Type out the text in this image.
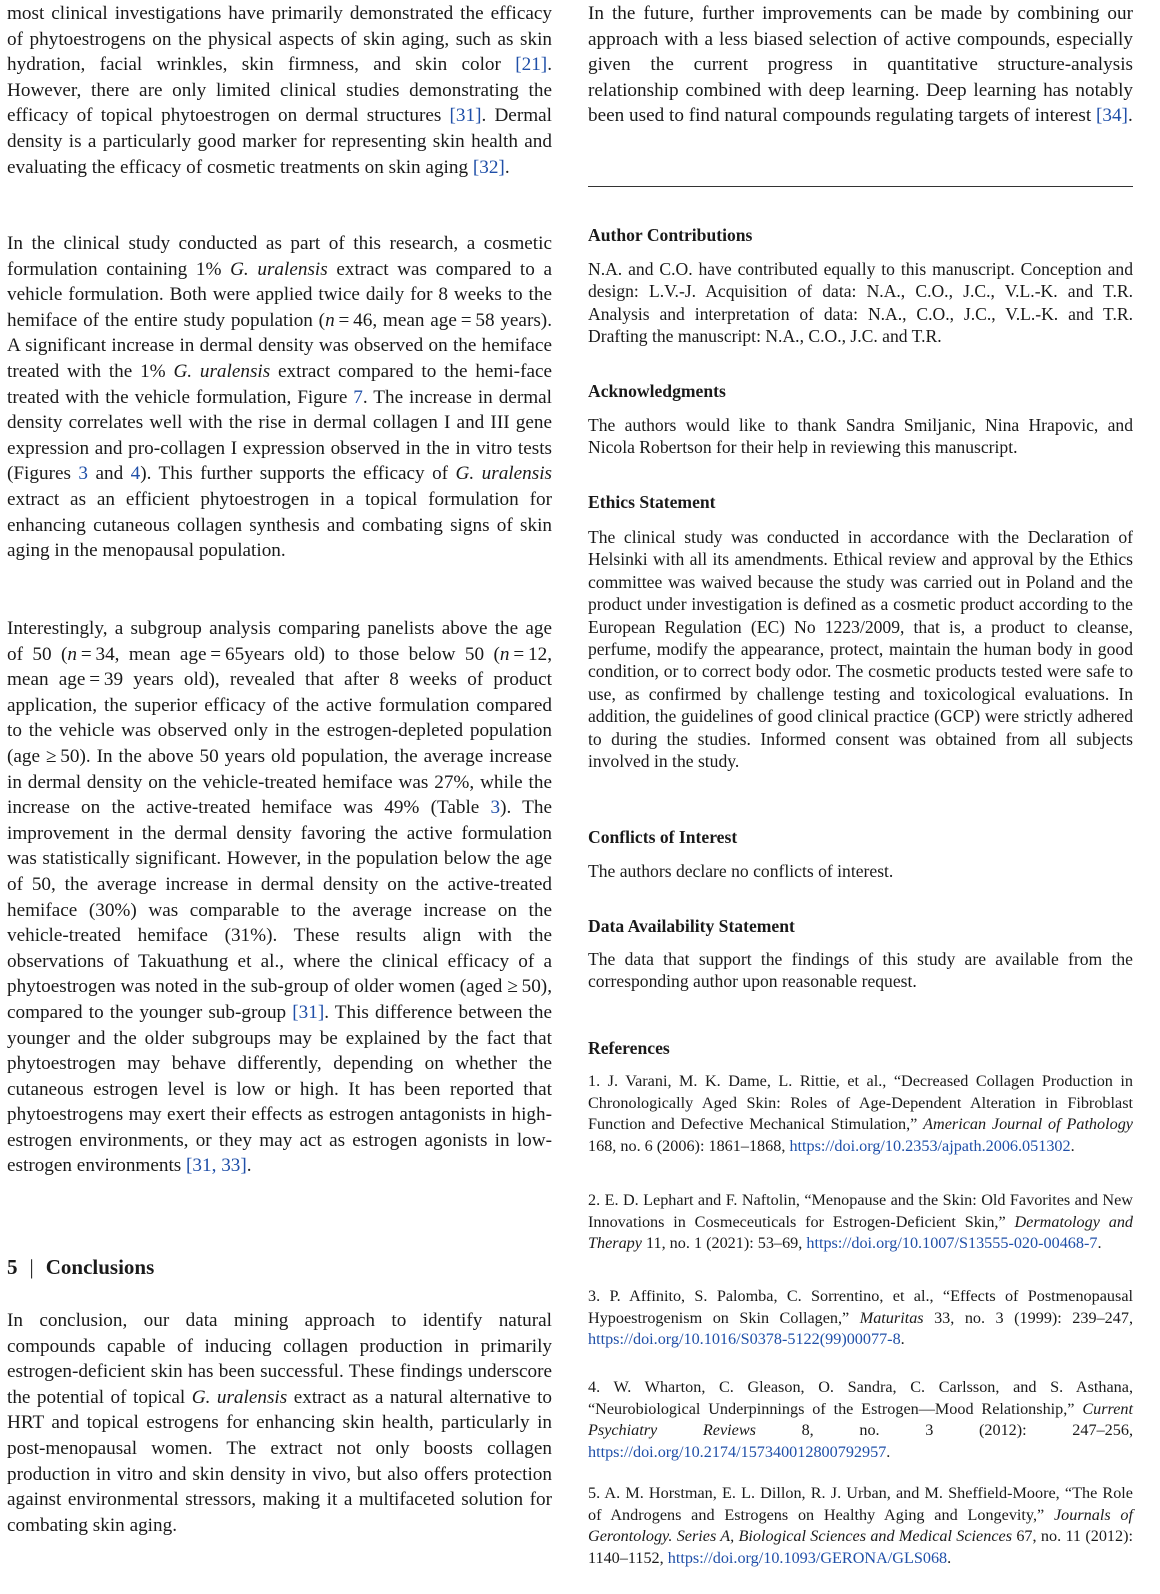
most clinical investigations have primarily demonstrated the efficacy of phytoestrogens on the physical aspects of skin aging, such as skin hydration, facial wrinkles, skin firmness, and skin color [21]. However, there are only limited clinical studies demonstrating the efficacy of topical phytoestrogen on dermal structures [31]. Dermal density is a particularly good marker for representing skin health and evaluating the efficacy of cosmetic treatments on skin aging [32].

In the clinical study conducted as part of this research, a cosmetic formulation containing 1% G. uralensis extract was compared to a vehicle formulation. Both were applied twice daily for 8 weeks to the hemiface of the entire study population (n = 46, mean age = 58 years). A significant increase in dermal density was observed on the hemiface treated with the 1% G. uralensis extract compared to the hemi-face treated with the vehicle formulation, Figure 7. The increase in dermal density correlates well with the rise in dermal collagen I and III gene expression and pro-collagen I expression observed in the in vitro tests (Figures 3 and 4). This further supports the efficacy of G. uralensis extract as an efficient phytoestrogen in a topical formulation for enhancing cutaneous collagen synthesis and combating signs of skin aging in the menopausal population.

Interestingly, a subgroup analysis comparing panelists above the age of 50 (n = 34, mean age = 65years old) to those below 50 (n = 12, mean age = 39 years old), revealed that after 8 weeks of product application, the superior efficacy of the active formulation compared to the vehicle was observed only in the estrogen-depleted population (age ≥ 50). In the above 50 years old population, the average increase in dermal density on the vehicle-treated hemiface was 27%, while the increase on the active-treated hemiface was 49% (Table 3). The improvement in the dermal density favoring the active formulation was statistically significant. However, in the population below the age of 50, the average increase in dermal density on the active-treated hemiface (30%) was comparable to the average increase on the vehicle-treated hemiface (31%). These results align with the observations of Takuathung et al., where the clinical efficacy of a phytoestrogen was noted in the sub-group of older women (aged ≥ 50), compared to the younger sub-group [31]. This difference between the younger and the older subgroups may be explained by the fact that phytoestrogen may behave differently, depending on whether the cutaneous estrogen level is low or high. It has been reported that phytoestrogens may exert their effects as estrogen antagonists in high-estrogen environments, or they may act as estrogen agonists in low-estrogen environments [31, 33].

5 | Conclusions

In conclusion, our data mining approach to identify natural compounds capable of inducing collagen production in primarily estrogen-deficient skin has been successful. These findings underscore the potential of topical G. uralensis extract as a natural alternative to HRT and topical estrogens for enhancing skin health, particularly in post-menopausal women. The extract not only boosts collagen production in vitro and skin density in vivo, but also offers protection against environmental stressors, making it a multifaceted solution for combating skin aging.

In the future, further improvements can be made by combining our approach with a less biased selection of active compounds, especially given the current progress in quantitative structure-analysis relationship combined with deep learning. Deep learning has notably been used to find natural compounds regulating targets of interest [34].

Author Contributions

N.A. and C.O. have contributed equally to this manuscript. Conception and design: L.V.-J. Acquisition of data: N.A., C.O., J.C., V.L.-K. and T.R. Analysis and interpretation of data: N.A., C.O., J.C., V.L.-K. and T.R. Drafting the manuscript: N.A., C.O., J.C. and T.R.

Acknowledgments

The authors would like to thank Sandra Smiljanic, Nina Hrapovic, and Nicola Robertson for their help in reviewing this manuscript.

Ethics Statement

The clinical study was conducted in accordance with the Declaration of Helsinki with all its amendments. Ethical review and approval by the Ethics committee was waived because the study was carried out in Poland and the product under investigation is defined as a cosmetic product according to the European Regulation (EC) No 1223/2009, that is, a product to cleanse, perfume, modify the appearance, protect, maintain the human body in good condition, or to correct body odor. The cosmetic products tested were safe to use, as confirmed by challenge testing and toxicological evaluations. In addition, the guidelines of good clinical practice (GCP) were strictly adhered to during the studies. Informed consent was obtained from all subjects involved in the study.

Conflicts of Interest

The authors declare no conflicts of interest.

Data Availability Statement

The data that support the findings of this study are available from the corresponding author upon reasonable request.

References

1. J. Varani, M. K. Dame, L. Rittie, et al., “Decreased Collagen Production in Chronologically Aged Skin: Roles of Age-Dependent Alteration in Fibroblast Function and Defective Mechanical Stimulation,” American Journal of Pathology 168, no. 6 (2006): 1861–1868, https://doi.org/10.2353/ajpath.2006.051302.

2. E. D. Lephart and F. Naftolin, “Menopause and the Skin: Old Favorites and New Innovations in Cosmeceuticals for Estrogen-Deficient Skin,” Dermatology and Therapy 11, no. 1 (2021): 53–69, https://doi.org/10.1007/S13555-020-00468-7.

3. P. Affinito, S. Palomba, C. Sorrentino, et al., “Effects of Postmenopausal Hypoestrogenism on Skin Collagen,” Maturitas 33, no. 3 (1999): 239–247, https://doi.org/10.1016/S0378-5122(99)00077-8.

4. W. Wharton, C. Gleason, O. Sandra, C. Carlsson, and S. Asthana, “Neurobiological Underpinnings of the Estrogen—Mood Relationship,” Current Psychiatry Reviews 8, no. 3 (2012): 247–256, https://doi.org/10.2174/157340012800792957.

5. A. M. Horstman, E. L. Dillon, R. J. Urban, and M. Sheffield-Moore, “The Role of Androgens and Estrogens on Healthy Aging and Longevity,” Journals of Gerontology. Series A, Biological Sciences and Medical Sciences 67, no. 11 (2012): 1140–1152, https://doi.org/10.1093/GERONA/GLS068.
